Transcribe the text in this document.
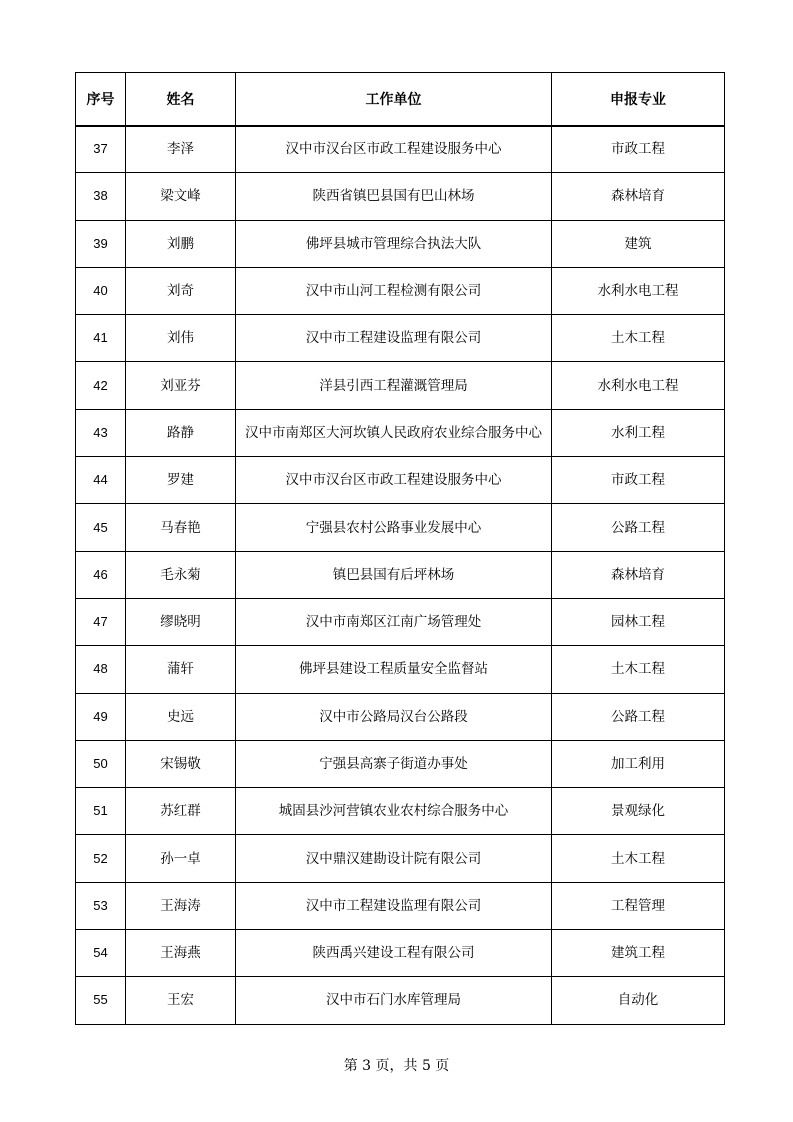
序号	姓名	工作单位	申报专业
37	李泽	汉中市汉台区市政工程建设服务中心	市政工程
38	梁文峰	陕西省镇巴县国有巴山林场	森林培育
39	刘鹏	佛坪县城市管理综合执法大队	建筑
40	刘奇	汉中市山河工程检测有限公司	水利水电工程
41	刘伟	汉中市工程建设监理有限公司	土木工程
42	刘亚芬	洋县引西工程灌溉管理局	水利水电工程
43	路静	汉中市南郑区大河坎镇人民政府农业综合服务中心	水利工程
44	罗建	汉中市汉台区市政工程建设服务中心	市政工程
45	马春艳	宁强县农村公路事业发展中心	公路工程
46	毛永菊	镇巴县国有后坪林场	森林培育
47	缪晓明	汉中市南郑区江南广场管理处	园林工程
48	蒲轩	佛坪县建设工程质量安全监督站	土木工程
49	史远	汉中市公路局汉台公路段	公路工程
50	宋锡敬	宁强县高寨子街道办事处	加工利用
51	苏红群	城固县沙河营镇农业农村综合服务中心	景观绿化
52	孙一卓	汉中鼎汉建勘设计院有限公司	土木工程
53	王海涛	汉中市工程建设监理有限公司	工程管理
54	王海燕	陕西禹兴建设工程有限公司	建筑工程
55	王宏	汉中市石门水库管理局	自动化
第 3 页，共 5 页
